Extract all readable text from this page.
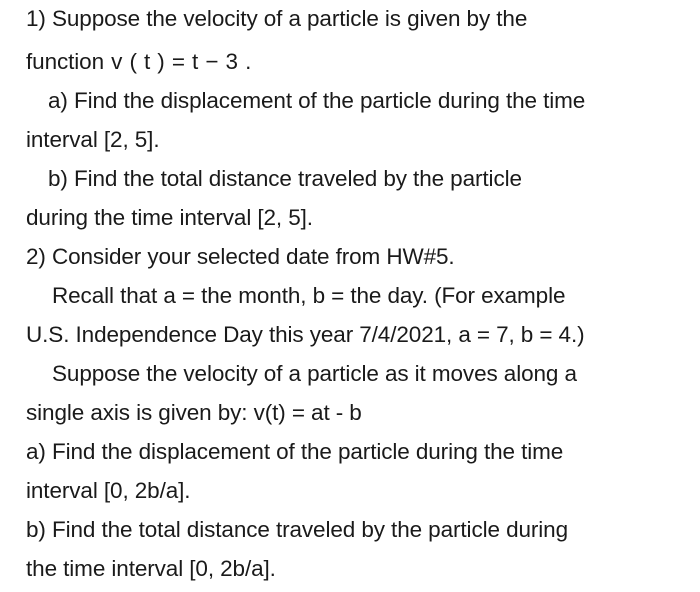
1) Suppose the velocity of a particle is given by the
function v ( t ) = t − 3 .
a) Find the displacement of the particle during the time
interval [2, 5].
b) Find the total distance traveled by the particle
during the time interval [2, 5].
2) Consider your selected date from HW#5.
Recall that a = the month, b = the day. (For example
U.S. Independence Day this year 7/4/2021, a = 7, b = 4.)
Suppose the velocity of a particle as it moves along a
single axis is given by: v(t) = at - b
a) Find the displacement of the particle during the time
interval [0, 2b/a].
b) Find the total distance traveled by the particle during
the time interval [0, 2b/a].
